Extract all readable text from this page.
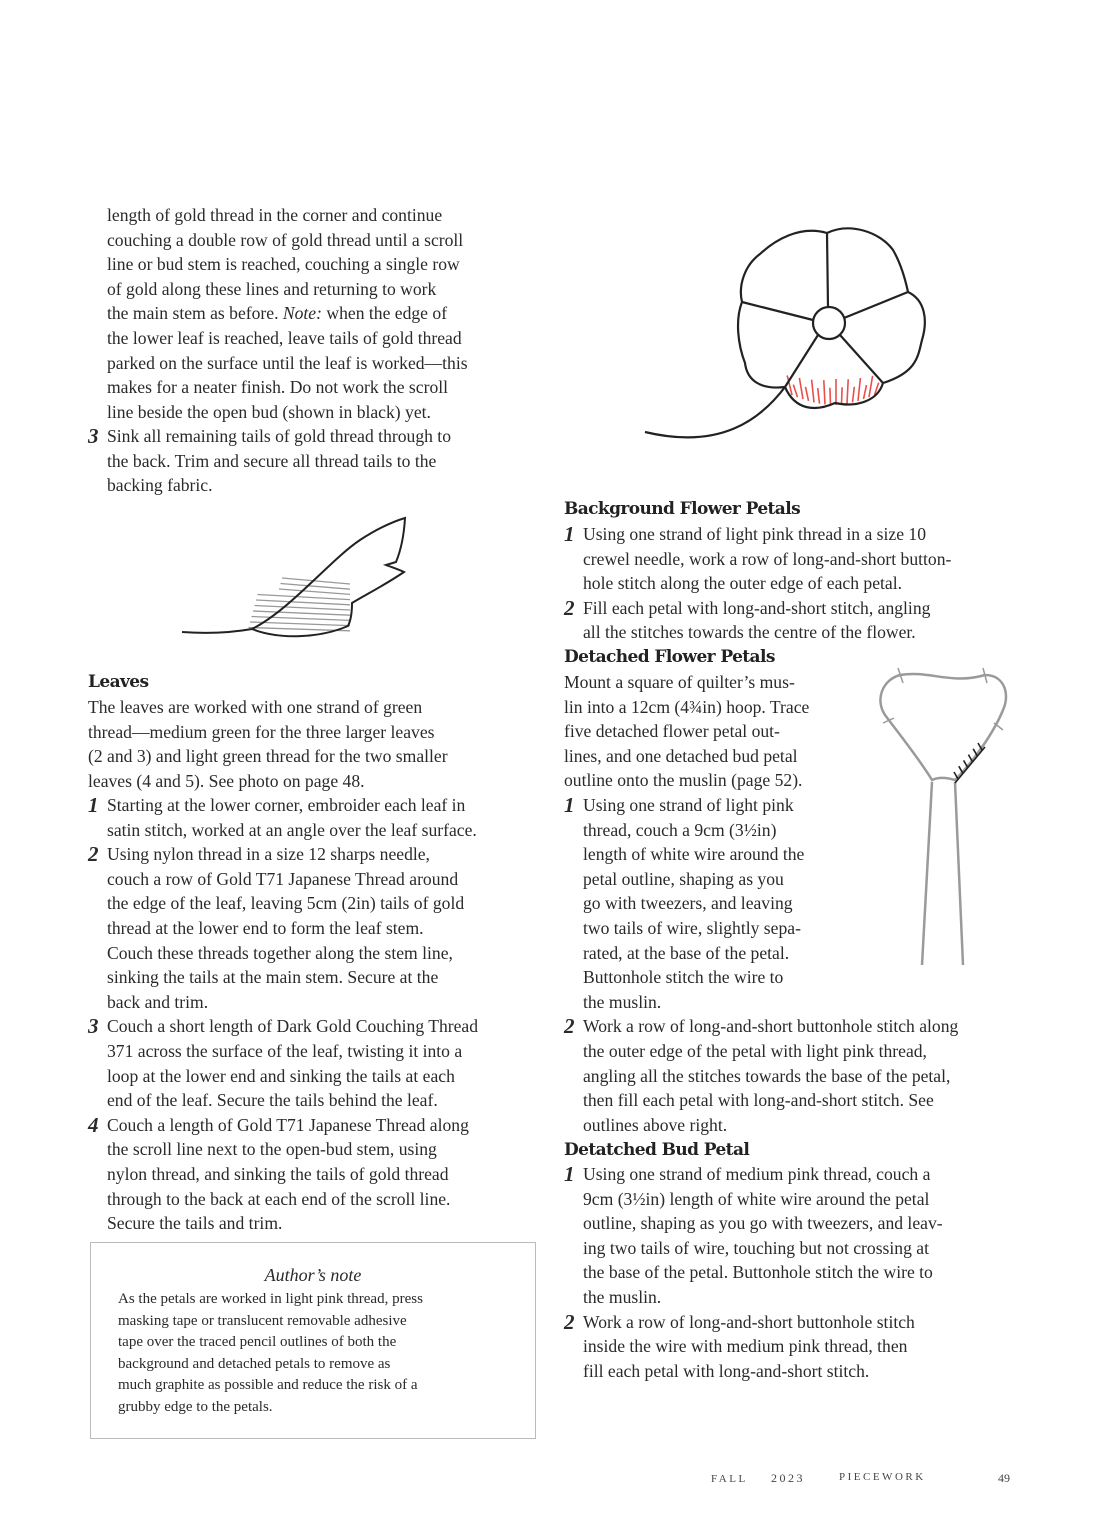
length of gold thread in the corner and continue
couching a double row of gold thread until a scroll
line or bud stem is reached, couching a single row
of gold along these lines and returning to work
the main stem as before. Note: when the edge of
the lower leaf is reached, leave tails of gold thread
parked on the surface until the leaf is worked—this
makes for a neater finish. Do not work the scroll
line beside the open bud (shown in black) yet.
3 Sink all remaining tails of gold thread through to
the back. Trim and secure all thread tails to the
backing fabric.
Leaves
The leaves are worked with one strand of green
thread—medium green for the three larger leaves
(2 and 3) and light green thread for the two smaller
leaves (4 and 5). See photo on page 48.
1 Starting at the lower corner, embroider each leaf in
satin stitch, worked at an angle over the leaf surface.
2 Using nylon thread in a size 12 sharps needle,
couch a row of Gold T71 Japanese Thread around
the edge of the leaf, leaving 5cm (2in) tails of gold
thread at the lower end to form the leaf stem.
Couch these threads together along the stem line,
sinking the tails at the main stem. Secure at the
back and trim.
3 Couch a short length of Dark Gold Couching Thread
371 across the surface of the leaf, twisting it into a
loop at the lower end and sinking the tails at each
end of the leaf. Secure the tails behind the leaf.
4 Couch a length of Gold T71 Japanese Thread along
the scroll line next to the open-bud stem, using
nylon thread, and sinking the tails of gold thread
through to the back at each end of the scroll line.
Secure the tails and trim.
Author’s note
As the petals are worked in light pink thread, press
masking tape or translucent removable adhesive
tape over the traced pencil outlines of both the
background and detached petals to remove as
much graphite as possible and reduce the risk of a
grubby edge to the petals.
Background Flower Petals
1 Using one strand of light pink thread in a size 10
crewel needle, work a row of long-and-short button-
hole stitch along the outer edge of each petal.
2 Fill each petal with long-and-short stitch, angling
all the stitches towards the centre of the flower.
Detached Flower Petals
Mount a square of quilter’s mus-
lin into a 12cm (4¾in) hoop. Trace
five detached flower petal out-
lines, and one detached bud petal
outline onto the muslin (page 52).
1 Using one strand of light pink
thread, couch a 9cm (3½in)
length of white wire around the
petal outline, shaping as you
go with tweezers, and leaving
two tails of wire, slightly sepa-
rated, at the base of the petal.
Buttonhole stitch the wire to
the muslin.
2 Work a row of long-and-short buttonhole stitch along
the outer edge of the petal with light pink thread,
angling all the stitches towards the base of the petal,
then fill each petal with long-and-short stitch. See
outlines above right.
Detatched Bud Petal
1 Using one strand of medium pink thread, couch a
9cm (3½in) length of white wire around the petal
outline, shaping as you go with tweezers, and leav-
ing two tails of wire, touching but not crossing at
the base of the petal. Buttonhole stitch the wire to
the muslin.
2 Work a row of long-and-short buttonhole stitch
inside the wire with medium pink thread, then
fill each petal with long-and-short stitch.
FALL 2023	PIECEWORK	49
